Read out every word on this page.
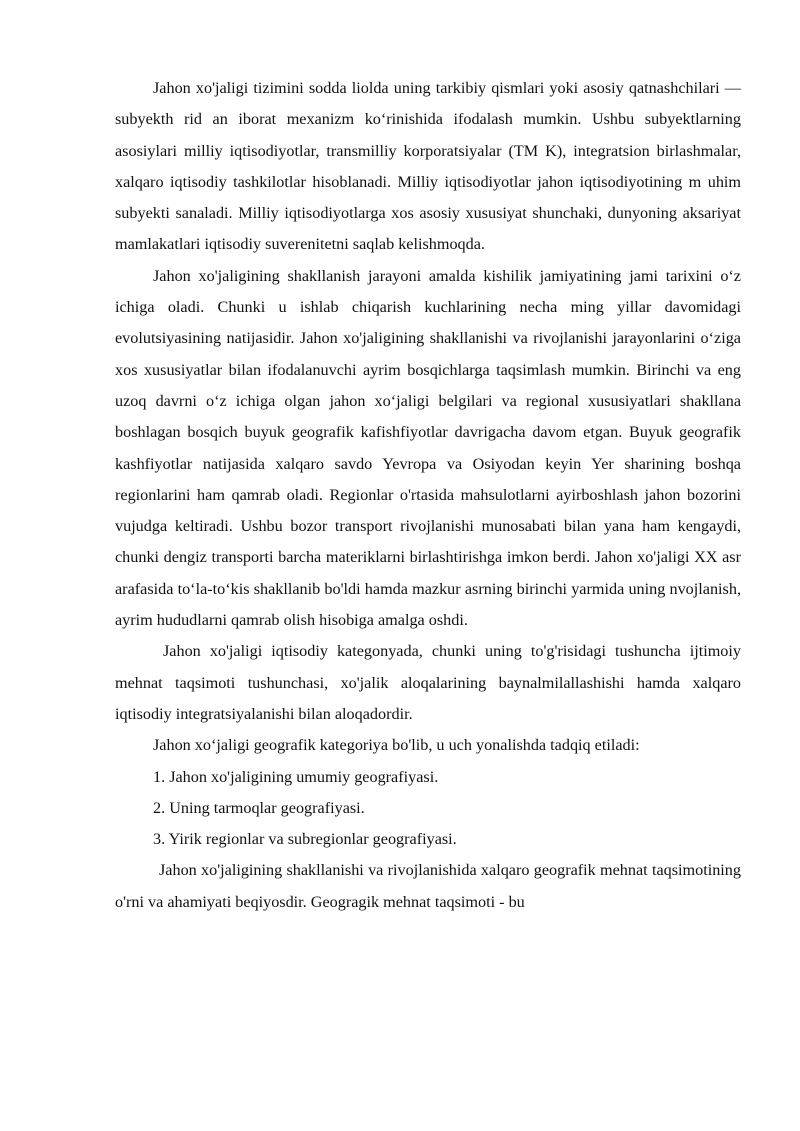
Jahon xo'jaligi tizimini sodda liolda uning tarkibiy qismlari yoki asosiy qatnashchilari — subyekth rid an iborat mexanizm koʻrinishida ifodalash mumkin. Ushbu subyektlarning asosiylari milliy iqtisodiyotlar, transmilliy korporatsiyalar (TM K), integratsion birlashmalar, xalqaro iqtisodiy tashkilotlar hisoblanadi. Milliy iqtisodiyotlar jahon iqtisodiyotining m uhim subyekti sanaladi. Milliy iqtisodiyotlarga xos asosiy xususiyat shunchaki, dunyoning aksariyat mamlakatlari iqtisodiy suverenitetni saqlab kelishmoqda.

Jahon xo'jaligining shakllanish jarayoni amalda kishilik jamiyatining jami tarixini oʻz ichiga oladi. Chunki u ishlab chiqarish kuchlarining necha ming yillar davomidagi evolutsiyasining natijasidir. Jahon xo'jaligining shakllanishi va rivojlanishi jarayonlarini oʻziga xos xususiyatlar bilan ifodalanuvchi ayrim bosqichlarga taqsimlash mumkin. Birinchi va eng uzoq davrni oʻz ichiga olgan jahon xoʻjaligi belgilari va regional xususiyatlari shakllana boshlagan bosqich buyuk geografik kafishfiyotlar davrigacha davom etgan. Buyuk geografik kashfiyotlar natijasida xalqaro savdo Yevropa va Osiyodan keyin Yer sharining boshqa regionlarini ham qamrab oladi. Regionlar o'rtasida mahsulotlarni ayirboshlash jahon bozorini vujudga keltiradi. Ushbu bozor transport rivojlanishi munosabati bilan yana ham kengaydi, chunki dengiz transporti barcha materiklarni birlashtirishga imkon berdi. Jahon xo'jaligi XX asr arafasida toʻla-toʻkis shakllanib bo'ldi hamda mazkur asrning birinchi yarmida uning nvojlanish, ayrim hududlarni qamrab olish hisobiga amalga oshdi.

Jahon xo'jaligi iqtisodiy kategonyada, chunki uning to'g'risidagi tushuncha ijtimoiy mehnat taqsimoti tushunchasi, xo'jalik aloqalarining baynalmilallashishi hamda xalqaro iqtisodiy integratsiyalanishi bilan aloqadordir.

Jahon xoʻjaligi geografik kategoriya bo'lib, u uch yonalishda tadqiq etiladi:

1. Jahon xo'jaligining umumiy geografiyasi.

2. Uning tarmoqlar geografiyasi.

3. Yirik regionlar va subregionlar geografiyasi.

Jahon xo'jaligining shakllanishi va rivojlanishida xalqaro geografik mehnat taqsimotining o'rni va ahamiyati beqiyosdir. Geogragik mehnat taqsimoti - bu
